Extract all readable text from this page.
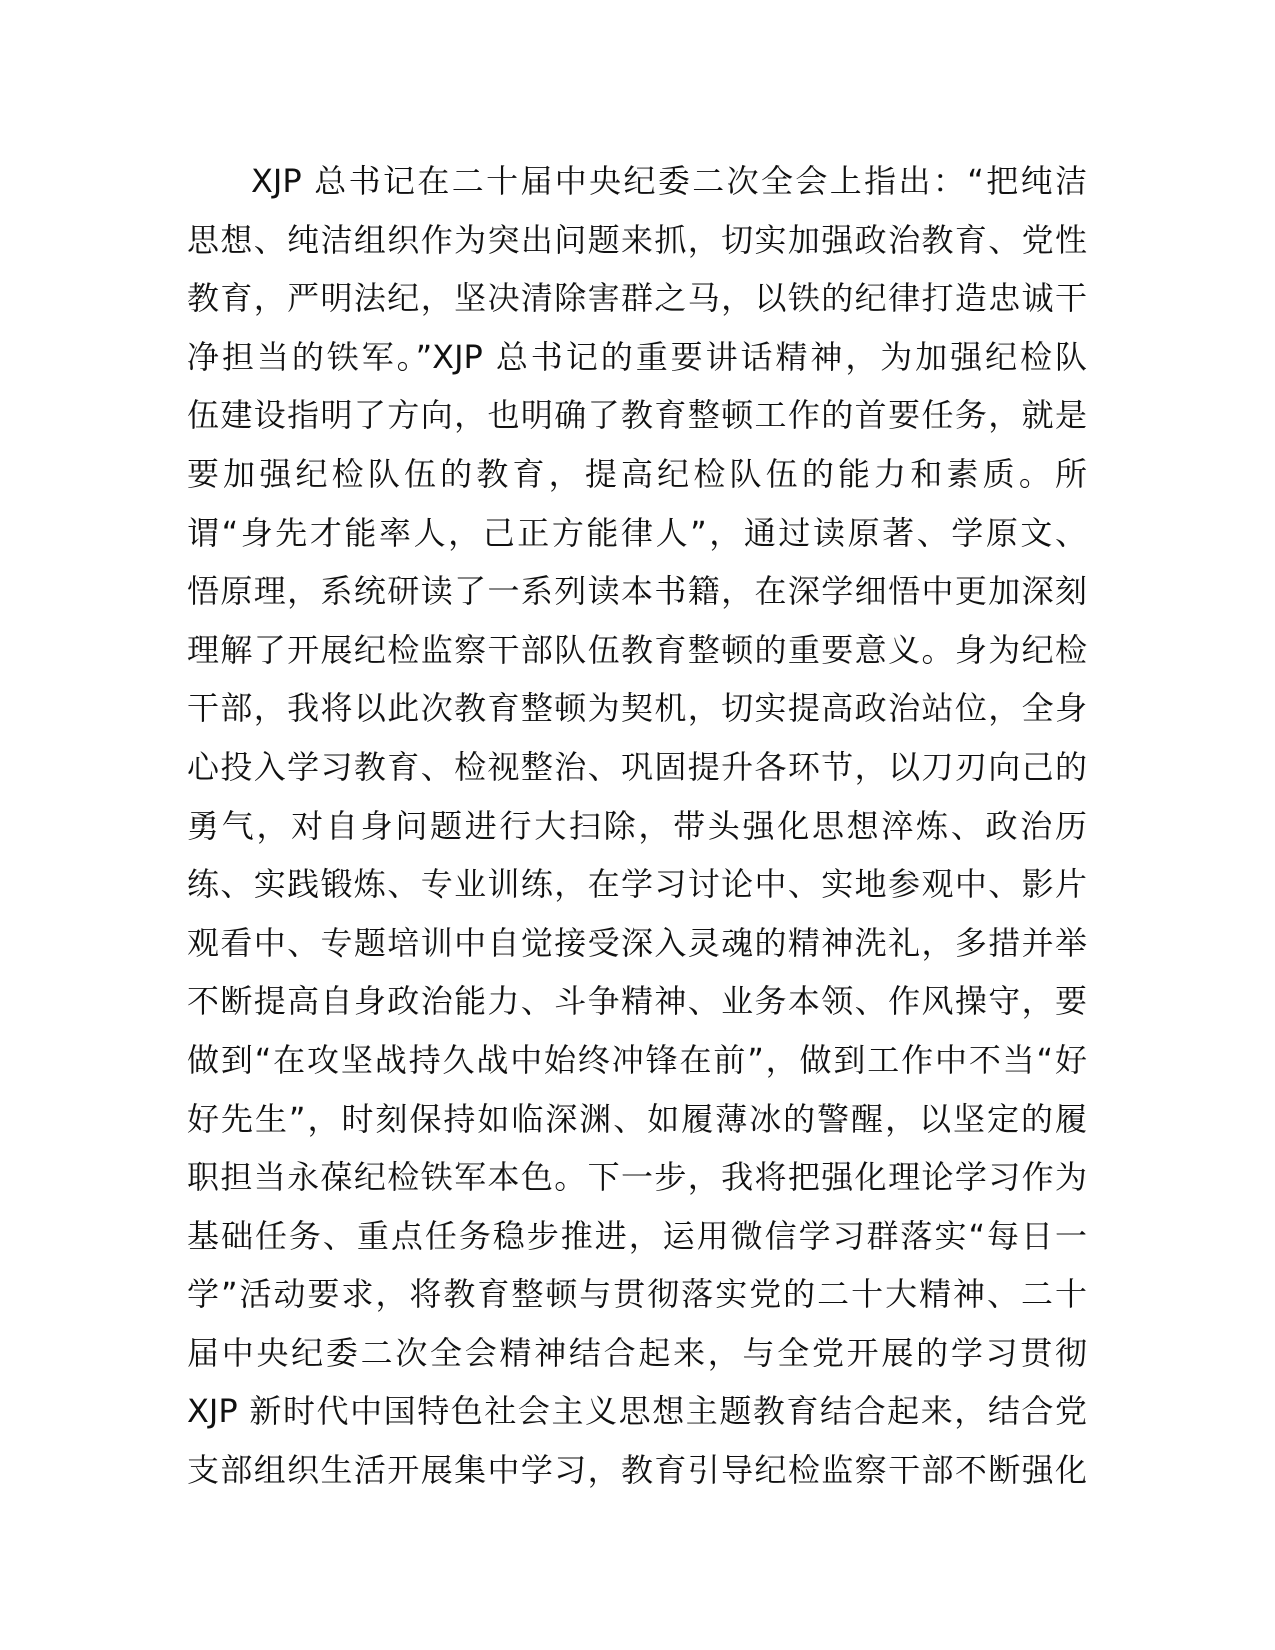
XJP 总书记在二十届中央纪委二次全会上指出：“把纯洁
思想、纯洁组织作为突出问题来抓，切实加强政治教育、党性
教育，严明法纪，坚决清除害群之马，以铁的纪律打造忠诚干
净担当的铁军。”XJP 总书记的重要讲话精神，为加强纪检队
伍建设指明了方向，也明确了教育整顿工作的首要任务，就是
要加强纪检队伍的教育，提高纪检队伍的能力和素质。所
谓“身先才能率人，己正方能律人”，通过读原著、学原文、
悟原理，系统研读了一系列读本书籍，在深学细悟中更加深刻
理解了开展纪检监察干部队伍教育整顿的重要意义。身为纪检
干部，我将以此次教育整顿为契机，切实提高政治站位，全身
心投入学习教育、检视整治、巩固提升各环节，以刀刃向己的
勇气，对自身问题进行大扫除，带头强化思想淬炼、政治历
练、实践锻炼、专业训练，在学习讨论中、实地参观中、影片
观看中、专题培训中自觉接受深入灵魂的精神洗礼，多措并举
不断提高自身政治能力、斗争精神、业务本领、作风操守，要
做到“在攻坚战持久战中始终冲锋在前”，做到工作中不当“好
好先生”，时刻保持如临深渊、如履薄冰的警醒，以坚定的履
职担当永葆纪检铁军本色。下一步，我将把强化理论学习作为
基础任务、重点任务稳步推进，运用微信学习群落实“每日一
学”活动要求，将教育整顿与贯彻落实党的二十大精神、二十
届中央纪委二次全会精神结合起来，与全党开展的学习贯彻
XJP 新时代中国特色社会主义思想主题教育结合起来，结合党
支部组织生活开展集中学习，教育引导纪检监察干部不断强化
